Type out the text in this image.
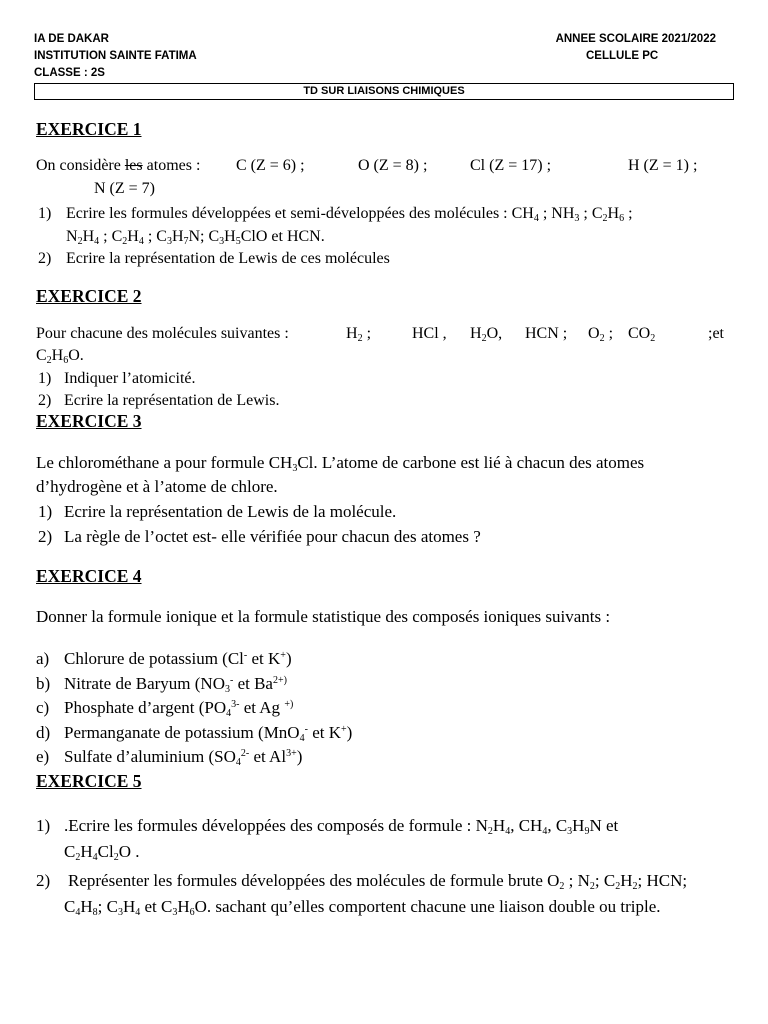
IA DE DAKAR
INSTITUTION SAINTE FATIMA
CLASSE : 2S
ANNEE SCOLAIRE 2021/2022
CELLULE PC
TD SUR LIAISONS CHIMIQUES
EXERCICE 1
On considère les atomes : C (Z = 6) ;	O (Z = 8) ;	Cl (Z = 17) ;	H (Z = 1) ;
N (Z = 7)
1) Ecrire les formules développées et semi-développées des molécules : $CH_4$ ; $NH_3$ ; $C_2H_6$ ;
$N_2H_4$ ; $C_2H_4$ ; $C_3H_7N$; $C_3H_5ClO$ et HCN.
2) Ecrire la représentation de Lewis de ces molécules
EXERCICE 2
Pour chacune des molécules suivantes :	$H_2$ ;	HCl , $H_2O$, HCN ; $O_2$ ; $CO_2$	;et
$C_2H_6O$.
1) Indiquer l’atomicité.
2) Ecrire la représentation de Lewis.
EXERCICE 3
Le chlorométhane a pour formule $CH_3Cl$. L’atome de carbone est lié à chacun des atomes
d’hydrogène et à l’atome de chlore.
1) Ecrire la représentation de Lewis de la molécule.
2) La règle de l’octet est- elle vérifiée pour chacun des atomes ?
EXERCICE 4
Donner la formule ionique et la formule statistique des composés ioniques suivants :
a) Chlorure de potassium (Cl- et K+)
b) Nitrate de Baryum ($NO_3^-$ et $Ba^{2+)}$
c) Phosphate d’argent ($PO_4^{3-}$ et Ag +)
d) Permanganate de potassium (MnO$_4$- et K+)
e) Sulfate d’aluminium ($SO_4^{2-}$ et $Al^{3+}$)
EXERCICE 5
1) .Ecrire les formules développées des composés de formule : $N_2H_4$, $CH_4$, $C_3H_9N$ et
$C_2H_4Cl_2O$ .
2) Représenter les formules développées des molécules de formule brute $O_2$ ; $N_2$; $C_2H_2$; HCN;
$C_4H_8$; $C_3H_4$ et $C_3H_6O$. sachant qu’elles comportent chacune une liaison double ou triple.
